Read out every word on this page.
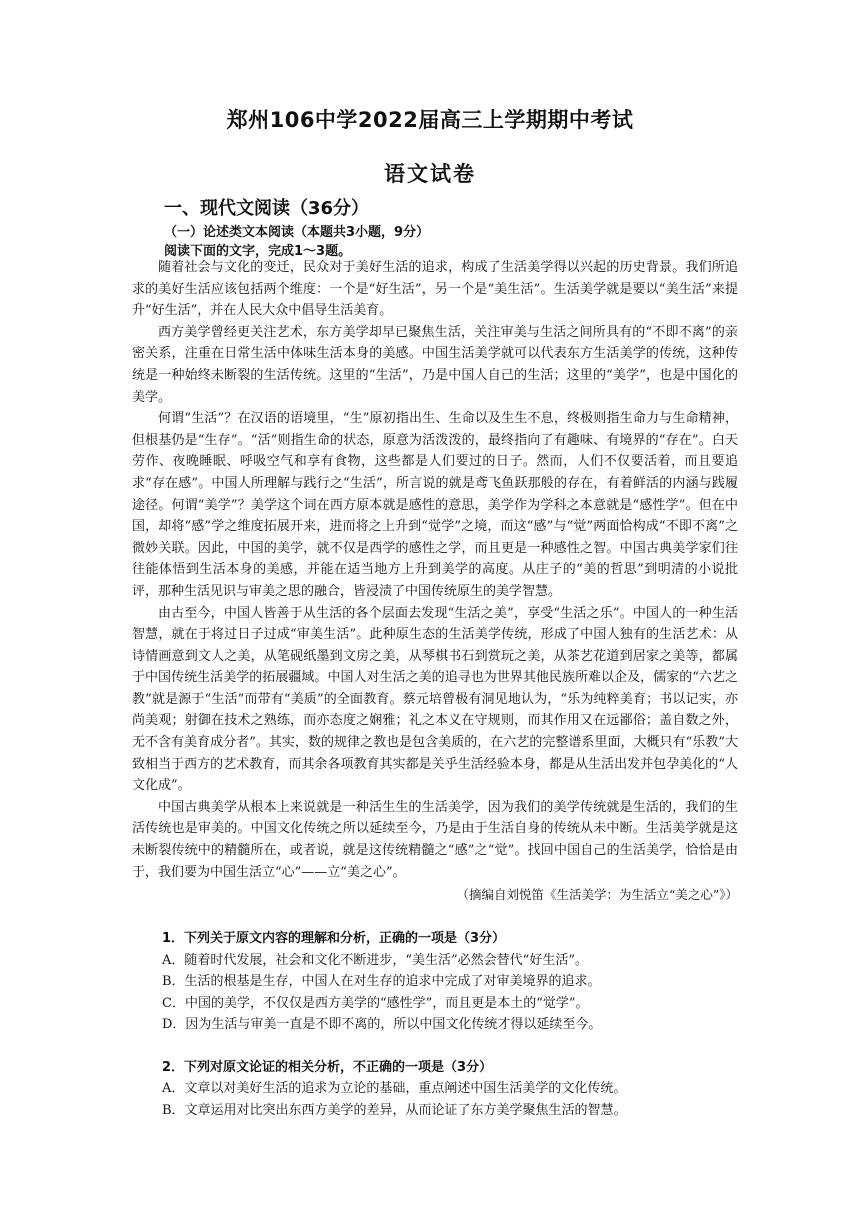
郑州106中学2022届高三上学期期中考试
语文试卷
一、现代文阅读（36分）
（一）论述类文本阅读（本题共3小题，9分）
阅读下面的文字，完成1～3题。

随着社会与文化的变迁，民众对于美好生活的追求，构成了生活美学得以兴起的历史背景。我们所追求的美好生活应该包括两个维度：一个是“好生活”，另一个是“美生活”。生活美学就是要以“美生活”来提升“好生活”，并在人民大众中倡导生活美育。

西方美学曾经更关注艺术，东方美学却早已聚焦生活，关注审美与生活之间所具有的“不即不离”的亲密关系，注重在日常生活中体味生活本身的美感。中国生活美学就可以代表东方生活美学的传统，这种传统是一种始终未断裂的生活传统。这里的“生活”，乃是中国人自己的生活；这里的“美学”，也是中国化的美学。

何谓“生活”？在汉语的语境里，“生”原初指出生、生命以及生生不息，终极则指生命力与生命精神，但根基仍是“生存”。“活”则指生命的状态，原意为活泼泼的，最终指向了有趣味、有境界的“存在”。白天劳作、夜晚睡眠、呼吸空气和享有食物，这些都是人们要过的日子。然而，人们不仅要活着，而且要追求“存在感”。中国人所理解与践行之“生活”，所言说的就是鸢飞鱼跃那般的存在，有着鲜活的内涵与践履途径。何谓“美学”？美学这个词在西方原本就是感性的意思，美学作为学科之本意就是“感性学”。但在中国，却将“感”学之维度拓展开来，进而将之上升到“觉学”之境，而这“感”与“觉”两面恰构成“不即不离”之微妙关联。因此，中国的美学，就不仅是西学的感性之学，而且更是一种感性之智。中国古典美学家们往往能体悟到生活本身的美感，并能在适当地方上升到美学的高度。从庄子的“美的哲思”到明清的小说批评，那种生活见识与审美之思的融合，皆浸渍了中国传统原生的美学智慧。

由古至今，中国人皆善于从生活的各个层面去发现“生活之美”，享受“生活之乐”。中国人的一种生活智慧，就在于将过日子过成“审美生活”。此种原生态的生活美学传统，形成了中国人独有的生活艺术：从诗情画意到文人之美，从笔砚纸墨到文房之美，从琴棋书石到赏玩之美，从茶艺花道到居家之美等，都属于中国传统生活美学的拓展疆域。中国人对生活之美的追寻也为世界其他民族所难以企及，儒家的“六艺之教”就是源于“生活”而带有“美质”的全面教育。蔡元培曾极有洞见地认为，“乐为纯粹美育；书以记实，亦尚美观；射御在技术之熟练，而亦态度之娴雅；礼之本义在守规则，而其作用又在远鄙俗；盖自数之外，无不含有美育成分者”。其实，数的规律之教也是包含美质的，在六艺的完整谱系里面，大概只有“乐教”大致相当于西方的艺术教育，而其余各项教育其实都是关乎生活经验本身，都是从生活出发并包孕美化的“人文化成”。

中国古典美学从根本上来说就是一种活生生的生活美学，因为我们的美学传统就是生活的，我们的生活传统也是审美的。中国文化传统之所以延续至今，乃是由于生活自身的传统从未中断。生活美学就是这未断裂传统中的精髓所在，或者说，就是这传统精髓之“感”之“觉”。找回中国自己的生活美学，恰恰是由于，我们要为中国生活立“心”——立“美之心”。

（摘编自刘悦笛《生活美学：为生活立“美之心”》）
1．下列关于原文内容的理解和分析，正确的一项是（3分）
A．随着时代发展，社会和文化不断进步，“美生活”必然会替代“好生活”。
B．生活的根基是生存，中国人在对生存的追求中完成了对审美境界的追求。
C．中国的美学，不仅仅是西方美学的“感性学”，而且更是本土的“觉学”。
D．因为生活与审美一直是不即不离的，所以中国文化传统才得以延续至今。
2．下列对原文论证的相关分析，不正确的一项是（3分）
A．文章以对美好生活的追求为立论的基础，重点阐述中国生活美学的文化传统。
B．文章运用对比突出东西方美学的差异，从而论证了东方美学聚焦生活的智慧。
